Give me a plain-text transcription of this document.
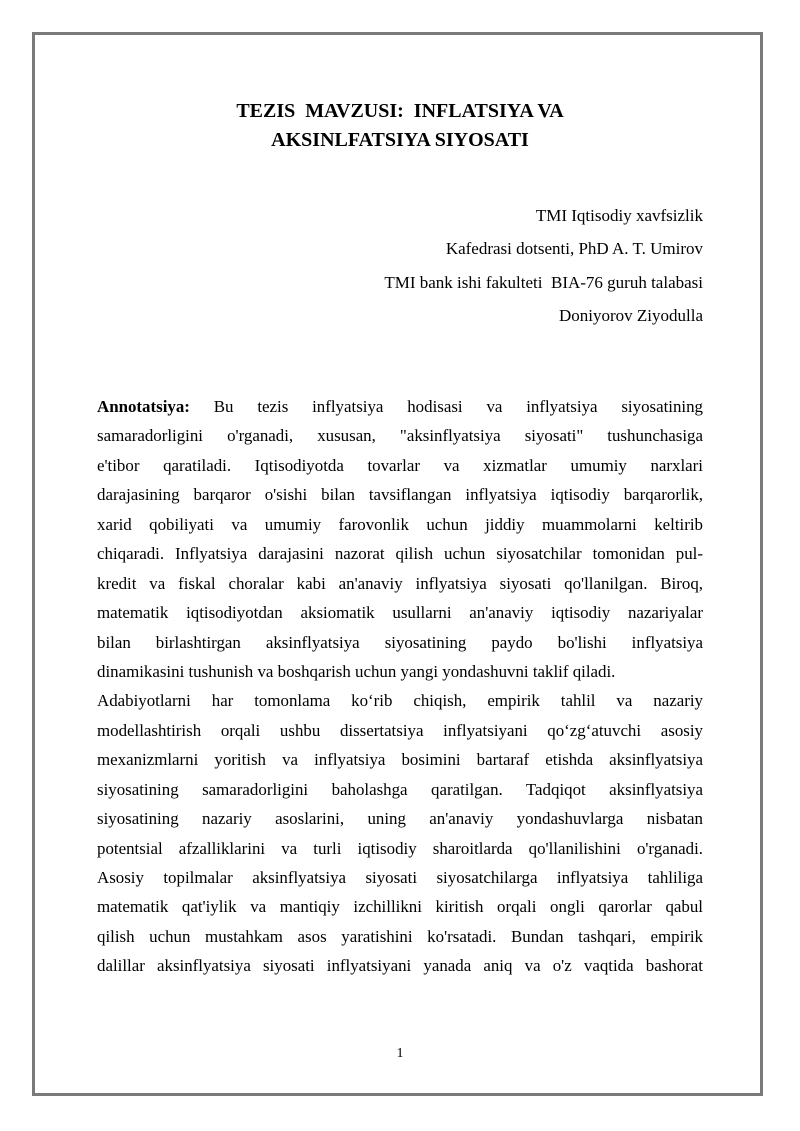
TEZIS  MAVZUSI:  INFLATSIYA VA
AKSINLFATSIYA SIYOSATI
TMI Iqtisodiy xavfsizlik
Kafedrasi dotsenti, PhD A. T. Umirov
TMI bank ishi fakulteti  BIA-76 guruh talabasi
Doniyorov Ziyodulla
Annotatsiya: Bu tezis inflyatsiya hodisasi va inflyatsiya siyosatining
samaradorligini o'rganadi, xususan, "aksinflyatsiya siyosati" tushunchasiga
e'tibor qaratiladi. Iqtisodiyotda tovarlar va xizmatlar umumiy narxlari
darajasining barqaror o'sishi bilan tavsiflangan inflyatsiya iqtisodiy barqarorlik,
xarid qobiliyati va umumiy farovonlik uchun jiddiy muammolarni keltirib
chiqaradi. Inflyatsiya darajasini nazorat qilish uchun siyosatchilar tomonidan pul-
kredit va fiskal choralar kabi an'anaviy inflyatsiya siyosati qo'llanilgan. Biroq,
matematik iqtisodiyotdan aksiomatik usullarni an'anaviy iqtisodiy nazariyalar
bilan birlashtirgan aksinflyatsiya siyosatining paydo bo'lishi inflyatsiya
dinamikasini tushunish va boshqarish uchun yangi yondashuvni taklif qiladi.
Adabiyotlarni har tomonlama ko‘rib chiqish, empirik tahlil va nazariy
modellashtirish orqali ushbu dissertatsiya inflyatsiyani qo‘zg‘atuvchi asosiy
mexanizmlarni yoritish va inflyatsiya bosimini bartaraf etishda aksinflyatsiya
siyosatining samaradorligini baholashga qaratilgan. Tadqiqot aksinflyatsiya
siyosatining nazariy asoslarini, uning an'anaviy yondashuvlarga nisbatan
potentsial afzalliklarini va turli iqtisodiy sharoitlarda qo'llanilishini o'rganadi.
Asosiy topilmalar aksinflyatsiya siyosati siyosatchilarga inflyatsiya tahliliga
matematik qat'iylik va mantiqiy izchillikni kiritish orqali ongli qarorlar qabul
qilish uchun mustahkam asos yaratishini ko'rsatadi. Bundan tashqari, empirik
dalillar aksinflyatsiya siyosati inflyatsiyani yanada aniq va o'z vaqtida bashorat
1
